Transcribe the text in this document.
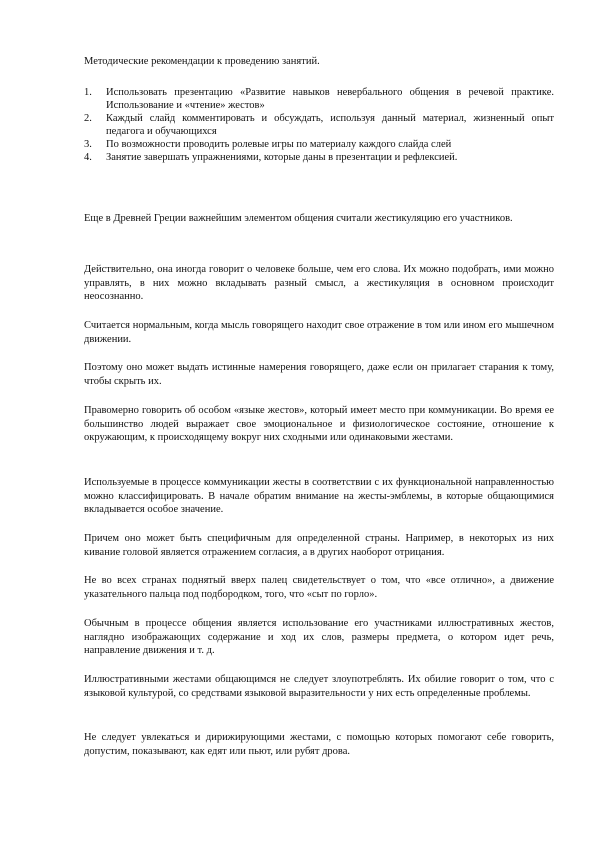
Методические рекомендации к проведению занятий.

1. Использовать презентацию «Развитие навыков невербального общения в речевой практике. Использование и «чтение» жестов»
2. Каждый слайд комментировать и обсуждать, используя данный материал, жизненный опыт педагога и обучающихся
3. По возможности проводить ролевые игры по материалу каждого слайда слей
4. Занятие завершать упражнениями, которые даны в презентации и рефлексией.

Еще в Древней Греции важнейшим элементом общения считали жестикуляцию его участников.

Действительно, она иногда говорит о человеке больше, чем его слова. Их можно подобрать, ими можно управлять, в них можно вкладывать разный смысл, а жестикуляция в основном происходит неосознанно.

Считается нормальным, когда мысль говорящего находит свое отражение в том или ином его мышечном движении.

Поэтому оно может выдать истинные намерения говорящего, даже если он прилагает старания к тому, чтобы скрыть их.

Правомерно говорить об особом «языке жестов», который имеет место при коммуникации. Во время ее большинство людей выражает свое эмоциональное и физиологическое состояние, отношение к окружающим, к происходящему вокруг них сходными или одинаковыми жестами.

Используемые в процессе коммуникации жесты в соответствии с их функциональной направленностью можно классифицировать. В начале обратим внимание на жесты-эмблемы, в которые общающимися вкладывается особое значение.

Причем оно может быть специфичным для определенной страны. Например, в некоторых из них кивание головой является отражением согласия, а в других наоборот отрицания.

Не во всех странах поднятый вверх палец свидетельствует о том, что «все отлично», а движение указательного пальца под подбородком, того, что «сыт по горло».

Обычным в процессе общения является использование его участниками иллюстративных жестов, наглядно изображающих содержание и ход их слов, размеры предмета, о котором идет речь, направление движения и т. д.

Иллюстративными жестами общающимся не следует злоупотреблять. Их обилие говорит о том, что с языковой культурой, со средствами языковой выразительности у них есть определенные проблемы.

Не следует увлекаться и дирижирующими жестами, с помощью которых помогают себе говорить, допустим, показывают, как едят или пьют, или рубят дрова.
